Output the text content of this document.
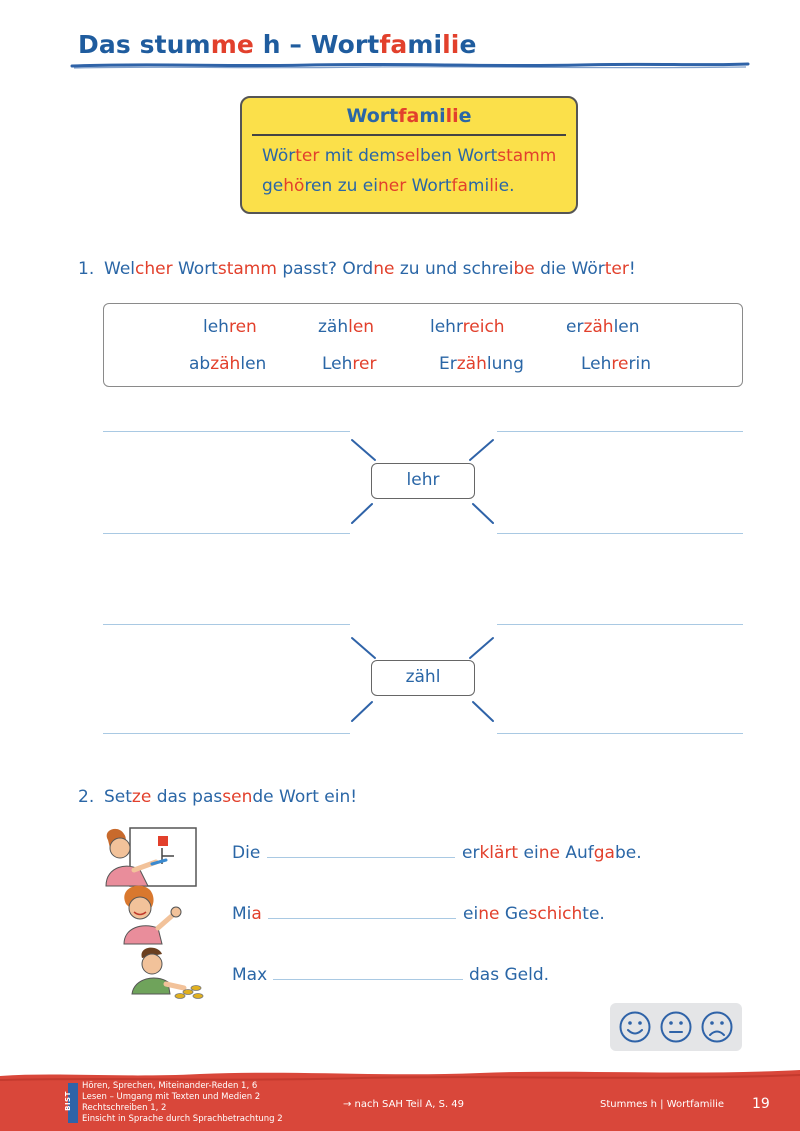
Das stumme h – Wortfamilie
Wortfamilie
Wörter mit demselben Wortstamm
gehören zu einer Wortfamilie.
1. Welcher Wortstamm passt? Ordne zu und schreibe die Wörter!
lehren	zählen	lehrreich	erzählen
abzählen	Lehrer	Erzählung	Lehrerin
lehr
zähl
2. Setze das passende Wort ein!
Die	erklärt eine Aufgabe.
Mia	eine Geschichte.
Max	das Geld.
BIST
Hören, Sprechen, Miteinander-Reden 1, 6
Lesen – Umgang mit Texten und Medien 2
Rechtschreiben 1, 2
Einsicht in Sprache durch Sprachbetrachtung 2
→ nach SAH Teil A, S. 49	Stummes h | Wortfamilie 19
